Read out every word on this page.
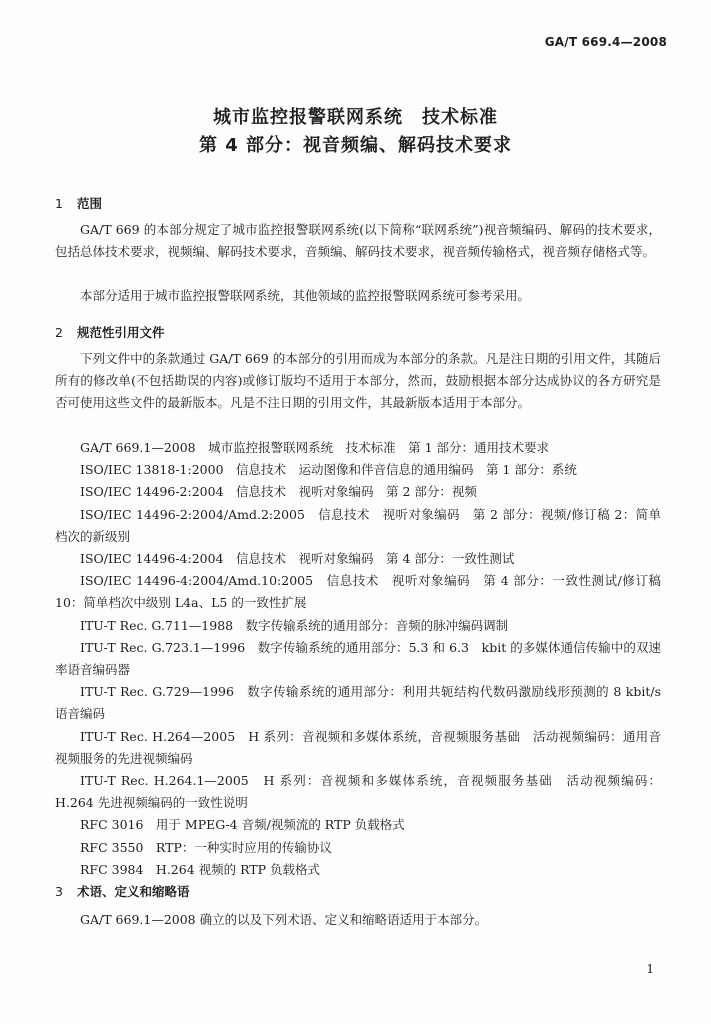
GA/T 669.4—2008
城市监控报警联网系统　技术标准
第 4 部分：视音频编、解码技术要求
1 范围

GA/T 669 的本部分规定了城市监控报警联网系统(以下简称“联网系统”)视音频编码、解码的技术要求，包括总体技术要求，视频编、解码技术要求，音频编、解码技术要求，视音频传输格式，视音频存储格式等。

本部分适用于城市监控报警联网系统，其他领域的监控报警联网系统可参考采用。

2 规范性引用文件

下列文件中的条款通过 GA/T 669 的本部分的引用而成为本部分的条款。凡是注日期的引用文件，其随后所有的修改单(不包括勘误的内容)或修订版均不适用于本部分，然而，鼓励根据本部分达成协议的各方研究是否可使用这些文件的最新版本。凡是不注日期的引用文件，其最新版本适用于本部分。

GA/T 669.1—2008　城市监控报警联网系统　技术标准　第 1 部分：通用技术要求
ISO/IEC 13818-1:2000　信息技术　运动图像和伴音信息的通用编码　第 1 部分：系统
ISO/IEC 14496-2:2004　信息技术　视听对象编码　第 2 部分：视频
ISO/IEC 14496-2:2004/Amd.2:2005　信息技术　视听对象编码　第 2 部分：视频/修订稿 2：简单档次的新级别
ISO/IEC 14496-4:2004　信息技术　视听对象编码　第 4 部分：一致性测试
ISO/IEC 14496-4:2004/Amd.10:2005　信息技术　视听对象编码　第 4 部分：一致性测试/修订稿 10：简单档次中级别 L4a、L5 的一致性扩展
ITU-T Rec. G.711—1988　数字传输系统的通用部分：音频的脉冲编码调制
ITU-T Rec. G.723.1—1996　数字传输系统的通用部分：5.3 和 6.3　kbit 的多媒体通信传输中的双速率语音编码器
ITU-T Rec. G.729—1996　数字传输系统的通用部分：利用共轭结构代数码激励线形预测的 8 kbit/s 语音编码
ITU-T Rec. H.264—2005　H 系列：音视频和多媒体系统，音视频服务基础　活动视频编码：通用音视频服务的先进视频编码
ITU-T Rec. H.264.1—2005　H 系列：音视频和多媒体系统，音视频服务基础　活动视频编码：H.264 先进视频编码的一致性说明
RFC 3016　用于 MPEG-4 音频/视频流的 RTP 负载格式
RFC 3550　RTP：一种实时应用的传输协议
RFC 3984　H.264 视频的 RTP 负载格式
3 术语、定义和缩略语

GA/T 669.1—2008 确立的以及下列术语、定义和缩略语适用于本部分。

1
